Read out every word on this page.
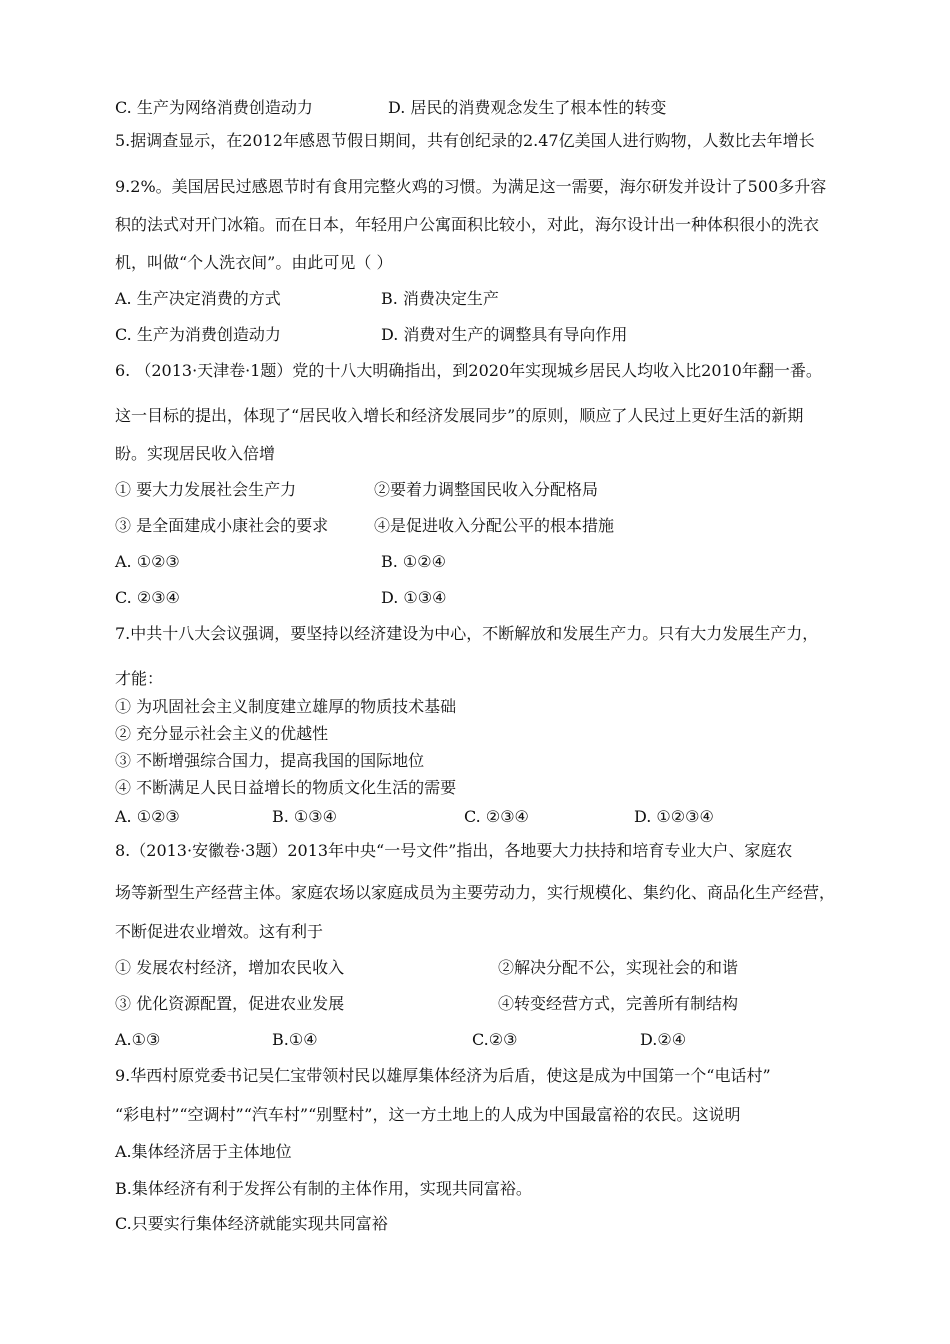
C. 生产为网络消费创造动力	D. 居民的消费观念发生了根本性的转变
5.据调查显示，在2012年感恩节假日期间，共有创纪录的2.47亿美国人进行购物，人数比去年增长
9.2%。美国居民过感恩节时有食用完整火鸡的习惯。为满足这一需要，海尔研发并设计了500多升容
积的法式对开门冰箱。而在日本，年轻用户公寓面积比较小，对此，海尔设计出一种体积很小的洗衣
机，叫做“个人洗衣间”。由此可见（ ）
A. 生产决定消费的方式	B. 消费决定生产
C. 生产为消费创造动力	D. 消费对生产的调整具有导向作用
6. （2013·天津卷·1题）党的十八大明确指出，到2020年实现城乡居民人均收入比2010年翻一番。
这一目标的提出，体现了“居民收入增长和经济发展同步”的原则，顺应了人民过上更好生活的新期
盼。实现居民收入倍增
① 要大力发展社会生产力	②要着力调整国民收入分配格局
③ 是全面建成小康社会的要求	④是促进收入分配公平的根本措施
A. ①②③	B. ①②④
C. ②③④	D. ①③④
7.中共十八大会议强调，要坚持以经济建设为中心，不断解放和发展生产力。只有大力发展生产力，
才能：
① 为巩固社会主义制度建立雄厚的物质技术基础
② 充分显示社会主义的优越性
③ 不断增强综合国力，提高我国的国际地位
④ 不断满足人民日益增长的物质文化生活的需要
A. ①②③	B. ①③④	C. ②③④	D. ①②③④
8.（2013·安徽卷·3题）2013年中央“一号文件”指出，各地要大力扶持和培育专业大户、家庭农
场等新型生产经营主体。家庭农场以家庭成员为主要劳动力，实行规模化、集约化、商品化生产经营，
不断促进农业增效。这有利于
① 发展农村经济，增加农民收入	②解决分配不公，实现社会的和谐
③ 优化资源配置，促进农业发展	④转变经营方式，完善所有制结构
A.①③	B.①④	C.②③	D.②④
9.华西村原党委书记吴仁宝带领村民以雄厚集体经济为后盾，使这是成为中国第一个“电话村”
“彩电村”“空调村”“汽车村”“别墅村”，这一方土地上的人成为中国最富裕的农民。这说明
A.集体经济居于主体地位
B.集体经济有利于发挥公有制的主体作用，实现共同富裕。
C.只要实行集体经济就能实现共同富裕
